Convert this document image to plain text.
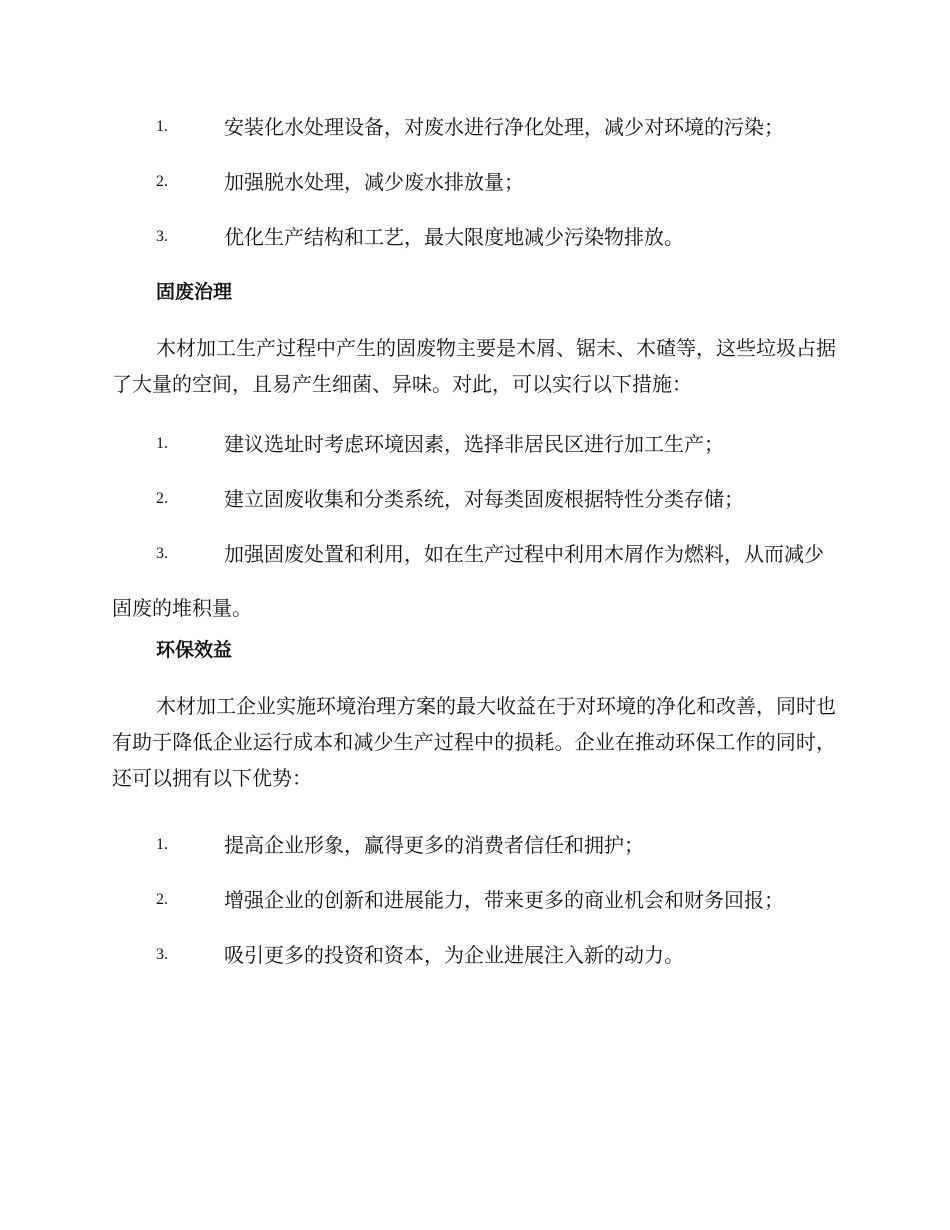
1.	安装化水处理设备，对废水进行净化处理，减少对环境的污染；
2.	加强脱水处理，减少废水排放量；
3.	优化生产结构和工艺，最大限度地减少污染物排放。
固废治理
木材加工生产过程中产生的固废物主要是木屑、锯末、木碴等，这些垃圾占据了大量的空间，且易产生细菌、异味。对此，可以实行以下措施：
1.	建议选址时考虑环境因素，选择非居民区进行加工生产；
2.	建立固废收集和分类系统，对每类固废根据特性分类存储；
3.	加强固废处置和利用，如在生产过程中利用木屑作为燃料，从而减少固废的堆积量。
环保效益
木材加工企业实施环境治理方案的最大收益在于对环境的净化和改善，同时也有助于降低企业运行成本和减少生产过程中的损耗。企业在推动环保工作的同时，还可以拥有以下优势：
1.	提高企业形象，赢得更多的消费者信任和拥护；
2.	增强企业的创新和进展能力，带来更多的商业机会和财务回报；
3.	吸引更多的投资和资本，为企业进展注入新的动力。
